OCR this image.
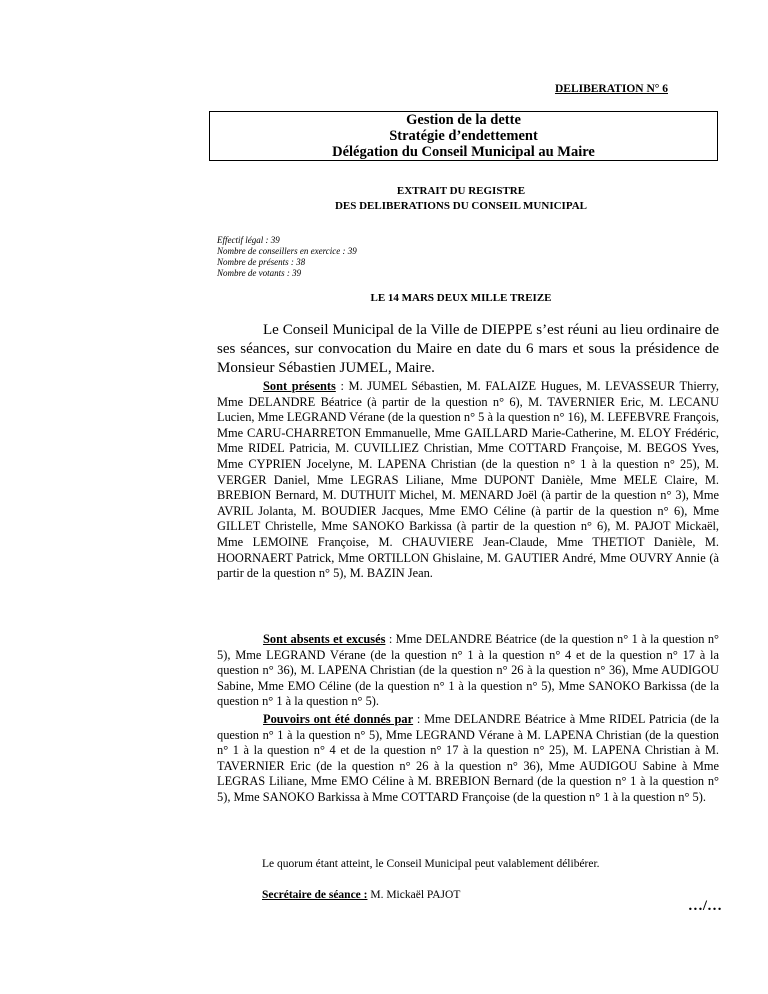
DELIBERATION N° 6
Gestion de la dette
Stratégie d’endettement
Délégation du Conseil Municipal au Maire
EXTRAIT DU REGISTRE
DES DELIBERATIONS DU CONSEIL MUNICIPAL
Effectif légal : 39
Nombre de conseillers en exercice : 39
Nombre de présents : 38
Nombre de votants : 39
LE 14 MARS DEUX MILLE TREIZE

Le Conseil Municipal de la Ville de DIEPPE s’est réuni au lieu ordinaire de ses séances, sur convocation du Maire en date du 6 mars et sous la présidence de Monsieur Sébastien JUMEL, Maire.

Sont présents : M. JUMEL Sébastien, M. FALAIZE Hugues, M. LEVASSEUR Thierry, Mme DELANDRE Béatrice (à partir de la question n° 6), M. TAVERNIER Eric, M. LECANU Lucien, Mme LEGRAND Vérane (de la question n° 5 à la question n° 16), M. LEFEBVRE François, Mme CARU-CHARRETON Emmanuelle, Mme GAILLARD Marie-Catherine, M. ELOY Frédéric, Mme RIDEL Patricia, M. CUVILLIEZ Christian, Mme COTTARD Françoise, M. BEGOS Yves, Mme CYPRIEN Jocelyne, M. LAPENA Christian (de la question n° 1 à la question n° 25), M. VERGER Daniel, Mme LEGRAS Liliane, Mme DUPONT Danièle, Mme MELE Claire, M. BREBION Bernard, M. DUTHUIT Michel, M. MENARD Joël (à partir de la question n° 3), Mme AVRIL Jolanta, M. BOUDIER Jacques, Mme EMO Céline (à partir de la question n° 6), Mme GILLET Christelle, Mme SANOKO Barkissa (à partir de la question n° 6), M. PAJOT Mickaël, Mme LEMOINE Françoise, M. CHAUVIERE Jean-Claude, Mme THETIOT Danièle, M. HOORNAERT Patrick, Mme ORTILLON Ghislaine, M. GAUTIER André, Mme OUVRY Annie (à partir de la question n° 5), M. BAZIN Jean.

Sont absents et excusés : Mme DELANDRE Béatrice (de la question n° 1 à la question n° 5), Mme LEGRAND Vérane (de la question n° 1 à la question n° 4 et de la question n° 17 à la question n° 36), M. LAPENA Christian (de la question n° 26 à la question n° 36), Mme AUDIGOU Sabine, Mme EMO Céline (de la question n° 1 à la question n° 5), Mme SANOKO Barkissa (de la question n° 1 à la question n° 5).

Pouvoirs ont été donnés par : Mme DELANDRE Béatrice à Mme RIDEL Patricia (de la question n° 1 à la question n° 5), Mme LEGRAND Vérane à M. LAPENA Christian (de la question n° 1 à la question n° 4 et de la question n° 17 à la question n° 25), M. LAPENA Christian à M. TAVERNIER Eric (de la question n° 26 à la question n° 36), Mme AUDIGOU Sabine à Mme LEGRAS Liliane, Mme EMO Céline à M. BREBION Bernard (de la question n° 1 à la question n° 5), Mme SANOKO Barkissa à Mme COTTARD Françoise (de la question n° 1 à la question n° 5).

Le quorum étant atteint, le Conseil Municipal peut valablement délibérer.
Secrétaire de séance : M. Mickaël PAJOT
…/…
